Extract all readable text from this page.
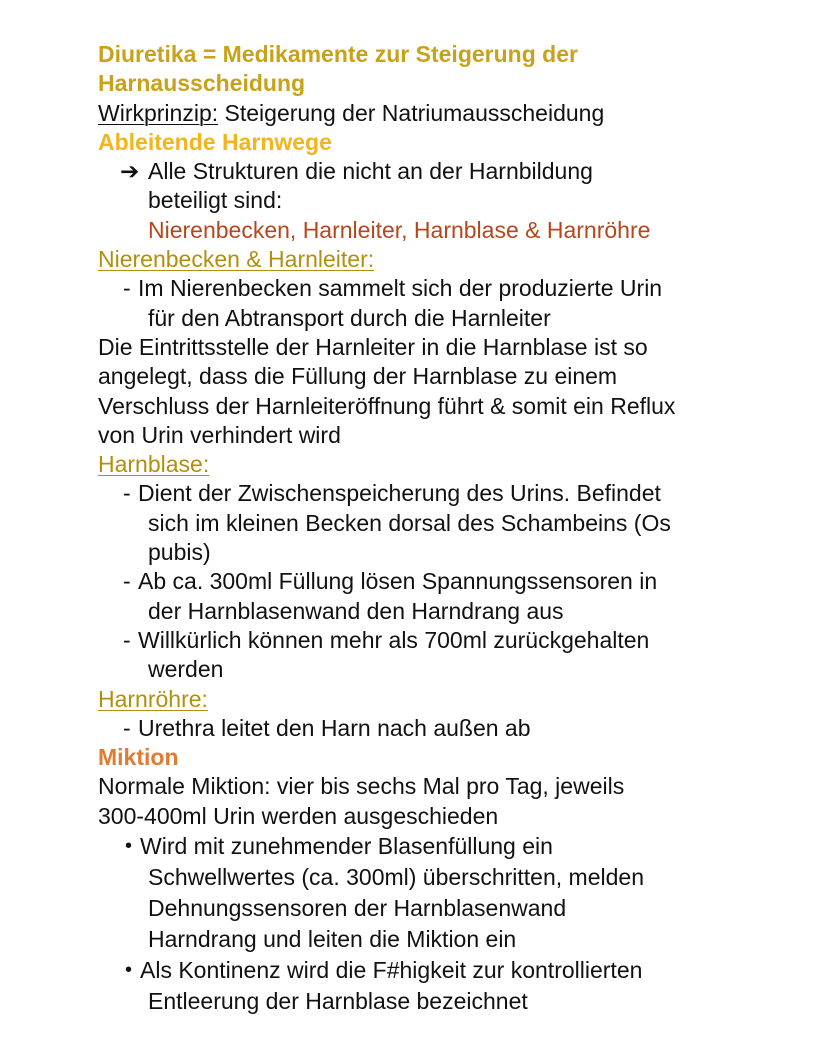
Diuretika = Medikamente zur Steigerung der

Harnausscheidung

Wirkprinzip: Steigerung der Natriumausscheidung

Ableitende Harnwege

➔ Alle Strukturen die nicht an der Harnbildung
beteiligt sind:
Nierenbecken, Harnleiter, Harnblase & Harnröhre

Nierenbecken & Harnleiter:

- Im Nierenbecken sammelt sich der produzierte Urin
für den Abtransport durch die Harnleiter

Die Eintrittsstelle der Harnleiter in die Harnblase ist so

angelegt, dass die Füllung der Harnblase zu einem

Verschluss der Harnleiteröffnung führt & somit ein Reflux

von Urin verhindert wird

Harnblase:

- Dient der Zwischenspeicherung des Urins. Befindet
sich im kleinen Becken dorsal des Schambeins (Os
pubis)
- Ab ca. 300ml Füllung lösen Spannungssensoren in
der Harnblasenwand den Harndrang aus
- Willkürlich können mehr als 700ml zurückgehalten
werden

Harnröhre:

- Urethra leitet den Harn nach außen ab

Miktion

Normale Miktion: vier bis sechs Mal pro Tag, jeweils

300-400ml Urin werden ausgeschieden

• Wird mit zunehmender Blasenfüllung ein
Schwellwertes (ca. 300ml) überschritten, melden
Dehnungssensoren der Harnblasenwand
Harndrang und leiten die Miktion ein
• Als Kontinenz wird die F#higkeit zur kontrollierten
Entleerung der Harnblase bezeichnet
